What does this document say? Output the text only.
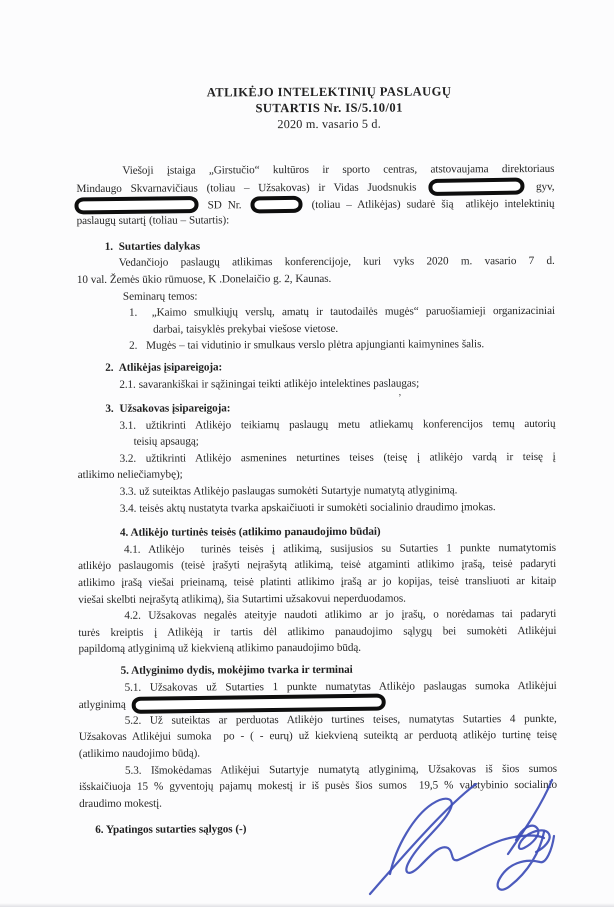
ATLIKĖJO INTELEKTINIŲ PASLAUGŲ
SUTARTIS Nr. IS/5.10/01
2020 m. vasario 5 d.
Viešoji įstaiga „Girstučio“ kultūros ir sporto centras, atstovaujama direktoriaus
Mindaugo Skvarnavičiaus (toliau – Užsakovas) ir Vidas Juodsnukis	gyv,
SD Nr.	(toliau – Atlikėjas) sudarė šią  atlikėjo intelektinių
paslaugų sutartį (toliau – Sutartis):
1.  Sutarties dalykas
Vedančiojo paslaugų atlikimas konferencijoje, kuri vyks 2020 m. vasario 7 d.
10 val. Žemės ūkio rūmuose, K .Donelaičio g. 2, Kaunas.
Seminarų temos:
1.  „Kaimo smulkiųjų verslų, amatų ir tautodailės mugės“ paruošiamieji organizaciniai
darbai, taisyklės prekybai viešose vietose.
2.   Mugės – tai vidutinio ir smulkaus verslo plėtra apjungianti kaimynines šalis.
2.  Atlikėjas įsipareigoja:
2.1. savarankiškai ir sąžiningai teikti atlikėjo intelektines paslaugas;
3.  Užsakovas įsipareigoja:
3.1. užtikrinti Atlikėjo teikiamų paslaugų metu atliekamų konferencijos temų autorių
teisių apsaugą;
3.2. užtikrinti Atlikėjo asmenines neturtines teises (teisę į atlikėjo vardą ir teisę į
atlikimo neliečiamybę);
3.3. už suteiktas Atlikėjo paslaugas sumokėti Sutartyje numatytą atlyginimą.
3.4. teisės aktų nustatyta tvarka apskaičiuoti ir sumokėti socialinio draudimo įmokas.
4. Atlikėjo turtinės teisės (atlikimo panaudojimo būdai)
4.1. Atlikėjo  turinės teisės į atlikimą, susijusios su Sutarties 1 punkte numatytomis
atlikėjo paslaugomis (teisė įrašyti neįrašytą atlikimą, teisė atgaminti atlikimo įrašą, teisė padaryti
atlikimo įrašą viešai prieinamą, teisė platinti atlikimo įrašą ar jo kopijas, teisė transliuoti ar kitaip
viešai skelbti neįrašytą atlikimą), šia Sutartimi užsakovui neperduodamos.
4.2. Užsakovas negalės ateityje naudoti atlikimo ar jo įrašų, o norėdamas tai padaryti
turės kreiptis į Atlikėją ir tartis dėl atlikimo panaudojimo sąlygų bei sumokėti Atlikėjui
papildomą atlyginimą už kiekvieną atlikimo panaudojimo būdą.
5. Atlyginimo dydis, mokėjimo tvarka ir terminai
5.1. Užsakovas už Sutarties 1 punkte numatytas Atlikėjo paslaugas sumoka Atlikėjui
atlyginimą
5.2. Už suteiktas ar perduotas Atlikėjo turtines teises, numatytas Sutarties 4 punkte,
Užsakovas Atlikėjui sumoka  po - ( - eurų) už kiekvieną suteiktą ar perduotą atlikėjo turtinę teisę
(atlikimo naudojimo būdą).
5.3. Išmokėdamas Atlikėjui Sutartyje numatytą atlyginimą, Užsakovas iš šios sumos
išskaičiuoja 15 % gyventojų pajamų mokestį ir iš pusės šios sumos  19,5 % valstybinio socialinio
draudimo mokestį.
6. Ypatingos sutarties sąlygos (-)
’
